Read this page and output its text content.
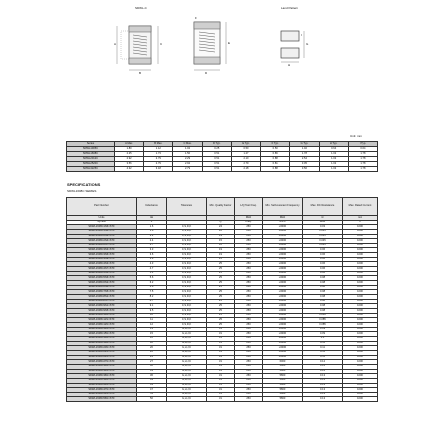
SDWL-C	Land Pattern
A
B
C
D
E
F
G
H
I
Unit: mm
Series	A Max.	B Max.	C Max.	D Typ.	E Typ.	F Typ.	G Typ.	H Typ.	I Typ.
SDWL1005C	1.80	1.12	1.02	0.25	0.50	0.50	1.02	0.64	0.64
SDWL1608C	2.25	1.73	1.50	0.51	1.27	0.86	1.78	1.02	1.78
SDWL2012C	2.92	2.79	2.29	0.51	2.10	0.88	2.54	1.02	1.78
SDWL2520C	3.56	2.79	2.92	0.51	2.79	0.81	3.05	1.02	1.78
SDWL3225C	4.32	3.18	2.79	0.51	2.18	0.88	3.56	1.02	1.78
SPECIFICATIONS
SDWL1608C SERIES
Part Number	Inductance	Tolerance	Min. Quality Factor	L/Q Test Freq.	Min. Self-resonant Frequency	Max. DC Resistance	Max. Rated Current
Units	nH			MHz	MHz	Ω	mA
Symbol	L		Q	Freq.	S.R.F	DCR	Ir
SDWL1608C1N6□STF	1.6	C,S,D,K	24	250	≥6000	0.03	1000
SDWL1608C1N8□STF	1.8	C,S,D,K	16	250	≥6000	0.045	1000
SDWL1608C2N2□STF	2.2	C,S,D,K	19	250	≥6000	0.045	1000
SDWL1608C2N4□STF	2.4	C,S,D,K	15	250	≥6000	0.045	1000
SDWL1608C2N7□STF	2.7	C,S,D,K	16	250	≥6000	0.045	1000
SDWL1608C3N3□STF	3.3	C,S,D,K	19	250	≥6000	0.06	1000
SDWL1608C3N6□STF	3.6	C,S,D,K	19	250	≥6000	0.06	1000
SDWL1608C3N9□STF	3.9	C,S,D,K	25	250	≥6000	0.06	1000
SDWL1608C4N3□STF	4.3	C,S,D,K	25	250	≥6000	0.06	1000
SDWL1608C4N7□STF	4.7	C,S,D,K	25	250	≥6000	0.06	1000
SDWL1608C5N1□STF	5.1	C,S,D,K	25	250	≥6000	0.06	1000
SDWL1608C5N6□STF	5.6	C,S,D,K	25	250	≥6000	0.08	1000
SDWL1608C6N2□STF	6.2	C,S,D,K	25	250	≥6000	0.08	1000
SDWL1608C6N8□STF	6.8	C,S,D,K	25	250	≥6000	0.08	1000
SDWL1608C7N5□STF	7.5	C,S,D,K	25	250	≥6000	0.08	1000
SDWL1608C8N2□STF	8.2	C,S,D,K	25	250	≥6000	0.08	1000
SDWL1608C8N7□STF	8.7	C,S,D,K	25	250	≥6000	0.08	1000
SDWL1608C9N1□STF	9.1	C,S,D,K	25	250	≥6000	0.08	1000
SDWL1608C9N5□STF	9.5	C,S,D,K	25	250	≥6000	0.08	1000
SDWL1608C10N□STF	10	C,S,D,K	25	250	≥6000	0.085	1000
SDWL1608C11N□STF	11	C,S,D,K	25	250	≥6000	0.085	1000
SDWL1608C12N□STF	12	C,S,D,K	25	250	≥6000	0.085	1000
SDWL1608C13N□STF	13	G,H,J,K	31	250	≥6000	0.09	1000
SDWL1608C15N□STF	15	G,H,J,K	31	250	≥6000	0.09	1000
SDWL1608C16N□STF	16	G,H,J,K	31	250	≥6000	0.1	1000
SDWL1608C18N□STF	18	G,H,J,K	31	250	≥6000	0.11	1000
SDWL1608C20N□STF	20	G,H,J,K	31	250	≥6000	0.11	1000
SDWL1608C22N□STF	22	G,H,J,K	31	250	≥6000	0.11	1000
SDWL1608C24N□STF	24	G,H,J,K	31	250	≥6000	0.11	1000
SDWL1608C27N□STF	27	G,H,J,K	31	250	6000	0.12	1000
SDWL1608C30N□STF	30	G,H,J,K	31	250	5800	0.12	1000
SDWL1608C33N□STF	33	G,H,J,K	31	250	5800	0.12	1000
SDWL1608C36N□STF	36	G,H,J,K	31	250	5800	0.13	1000
SDWL1608C39N□STF	39	G,H,J,K	31	250	5800	0.13	1000
SDWL1608C43N□STF	43	G,H,J,K	31	250	5800	0.13	1000
SDWL1608C47N□STF	47	G,H,J,K	31	250	5800	0.13	1000
SDWL1608C51N□STF	51	G,H,J,K	31	250	5800	0.13	1000
SDWL1608C56N□STF	56	G,H,J,K	31	250	5800	0.13	1000
